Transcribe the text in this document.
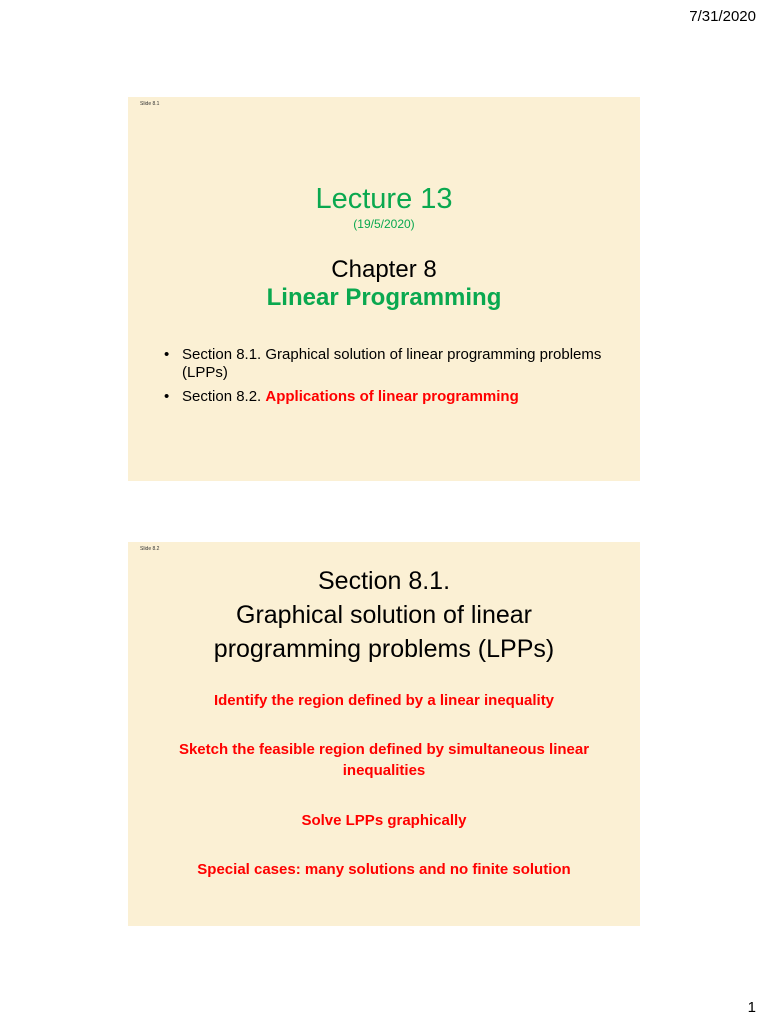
7/31/2020
Slide 8.1
Lecture 13
(19/5/2020)
Chapter 8
Linear Programming
• Section 8.1. Graphical solution of linear programming problems (LPPs)
• Section 8.2. Applications of linear programming
Slide 8.2
Section 8.1.
Graphical solution of linear
programming problems (LPPs)
Identify the region defined by a linear inequality
Sketch the feasible region defined by simultaneous linear inequalities
Solve LPPs graphically
Special cases: many solutions and no finite solution
1
